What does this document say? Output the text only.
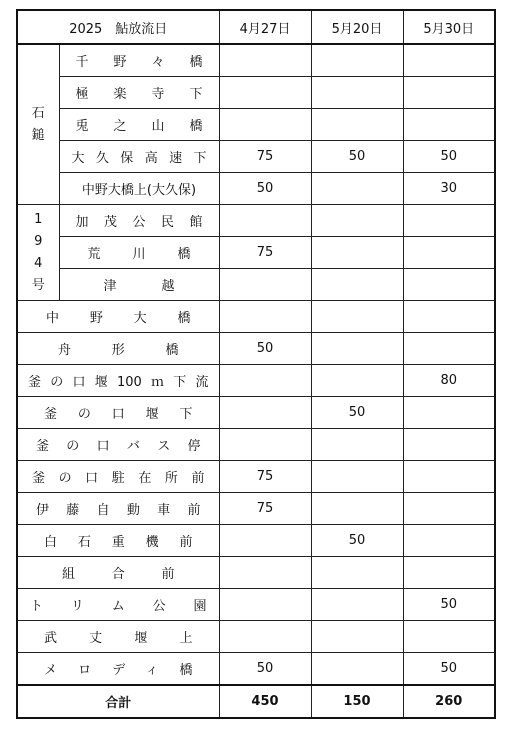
2025　鮎放流日		4月27日	5月20日	5月30日

石
鎚	千野々橋			
	極楽寺下			
	兎之山橋			
	大久保高速下	75	50	50
	中野大橋上(大久保)	50		30

1
9
4
号	加茂公民館			
	荒川橋	75		
	津越			
中野大橋				
舟形橋		50		
釜の口堰100ｍ下流				80
釜の口堰下			50	
釜の口バス停				
釜の口駐在所前		75		
伊藤自動車前		75		
白石重機前			50	
組合前				
トリム公園				50
武丈堰上				
メロディ橋		50		50
合計		450	150	260
